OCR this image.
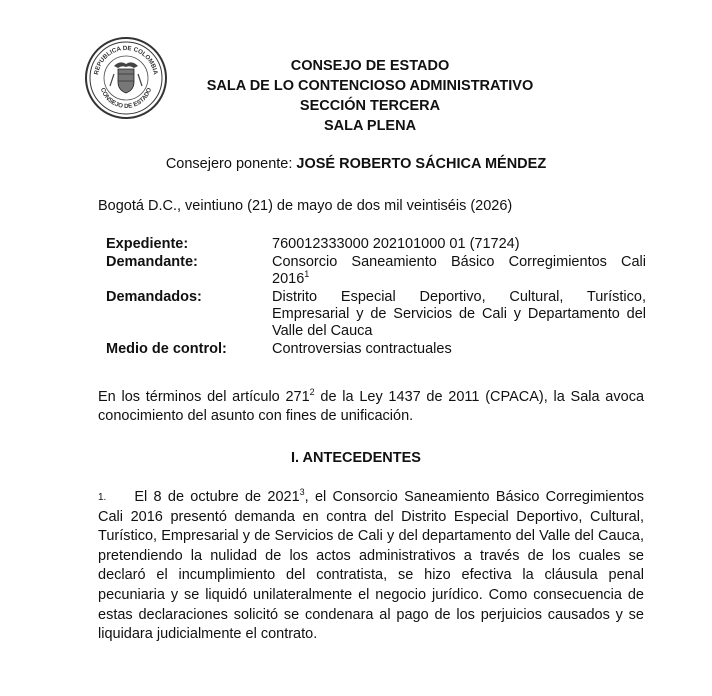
REPUBLICA DE COLOMBIA
CONSEJO DE ESTADO
CONSEJO DE ESTADO
SALA DE LO CONTENCIOSO ADMINISTRATIVO
SECCIÓN TERCERA
SALA PLENA
Consejero ponente: JOSÉ ROBERTO SÁCHICA MÉNDEZ
Bogotá D.C., veintiuno (21) de mayo de dos mil veintiséis (2026)
Expediente:	760012333000 202101000 01 (71724)
Demandante:	Consorcio Saneamiento Básico Corregimientos Cali 2016$^1$
Demandados:	Distrito Especial Deportivo, Cultural, Turístico, Empresarial y de Servicios de Cali y Departamento del Valle del Cauca
Medio de control:	Controversias contractuales
En los términos del artículo $271^2$ de la Ley 1437 de 2011 (CPACA), la Sala avoca conocimiento del asunto con fines de unificación.
I. ANTECEDENTES
$^{1.}$ El 8 de octubre de 2021$^3$, el Consorcio Saneamiento Básico Corregimientos Cali 2016 presentó demanda en contra del Distrito Especial Deportivo, Cultural, Turístico, Empresarial y de Servicios de Cali y del departamento del Valle del Cauca, pretendiendo la nulidad de los actos administrativos a través de los cuales se declaró el incumplimiento del contratista, se hizo efectiva la cláusula penal pecuniaria y se liquidó unilateralmente el negocio jurídico. Como consecuencia de estas declaraciones solicitó se condenara al pago de los perjuicios causados y se liquidara judicialmente el contrato.
